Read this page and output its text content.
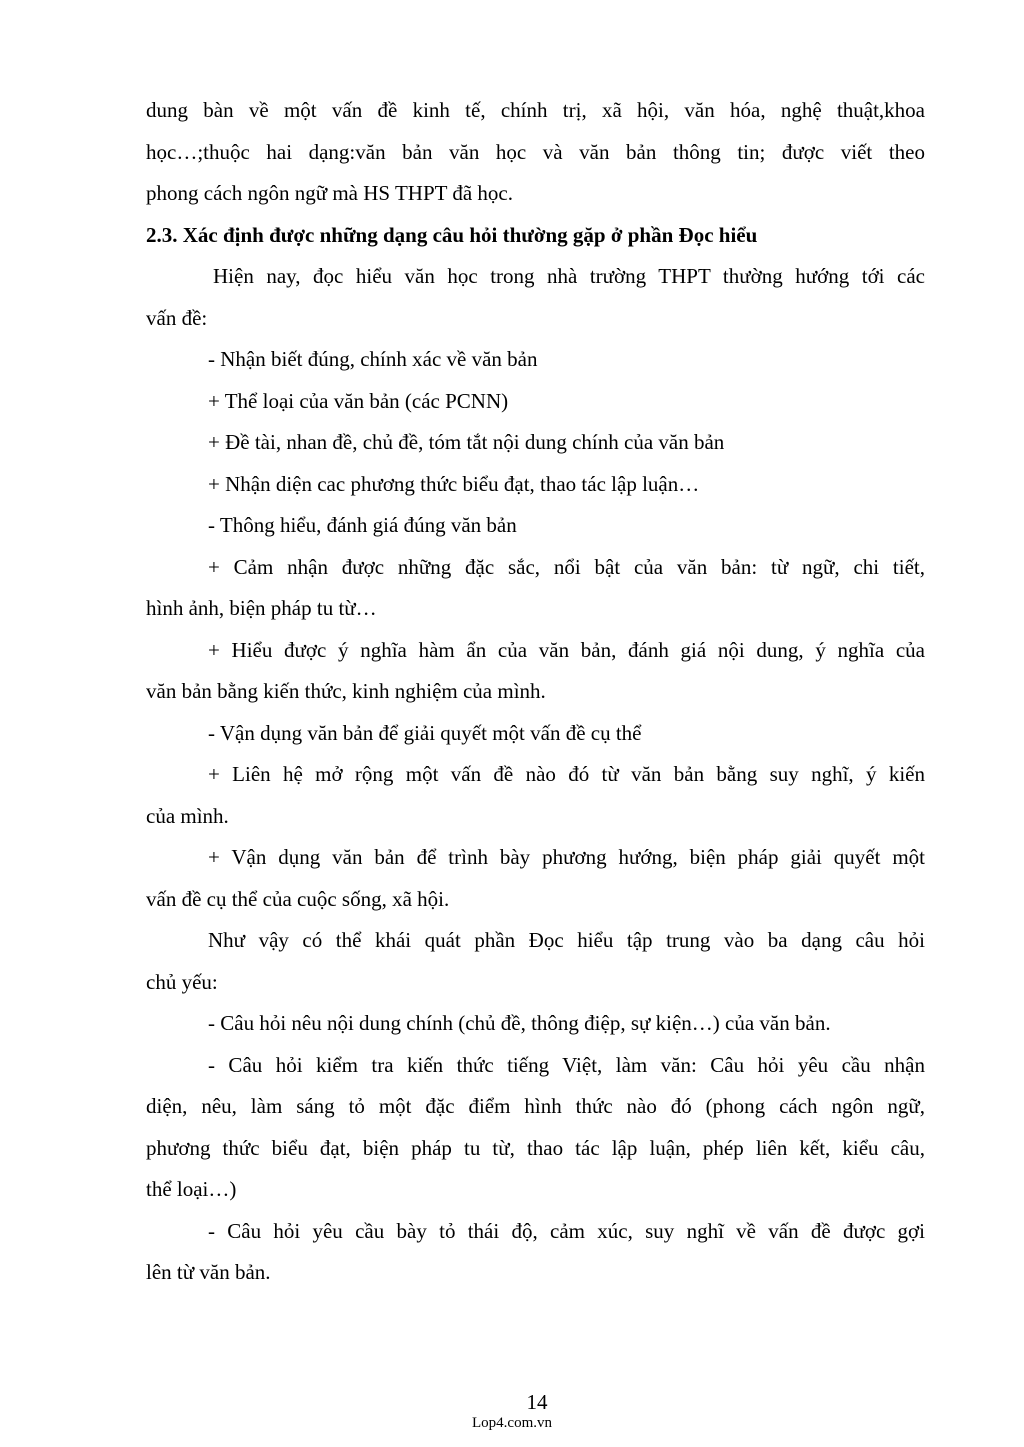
dung bàn về một vấn đề kinh tế, chính trị, xã hội, văn hóa, nghệ thuật,khoa
học…;thuộc hai dạng:văn bản văn học và văn bản thông tin; được viết theo
phong cách ngôn ngữ mà HS THPT đã học.
2.3. Xác định được những dạng câu hỏi thường gặp ở phần Đọc hiểu
Hiện nay, đọc hiểu văn học trong nhà trường THPT thường hướng tới các
vấn đề:
- Nhận biết đúng, chính xác về văn bản
+ Thể loại của văn bản (các PCNN)
+ Đề tài, nhan đề, chủ đề, tóm tắt nội dung chính của văn bản
+ Nhận diện cac phương thức biểu đạt, thao tác lập luận…
- Thông hiểu, đánh giá đúng văn bản
+ Cảm nhận được những đặc sắc, nổi bật của văn bản: từ ngữ, chi tiết,
hình ảnh, biện pháp tu từ…
+ Hiểu được ý nghĩa hàm ẩn của văn bản, đánh giá nội dung, ý nghĩa của
văn bản bằng kiến thức, kinh nghiệm của mình.
- Vận dụng văn bản để giải quyết một vấn đề cụ thể
+ Liên hệ mở rộng một vấn đề nào đó từ văn bản bằng suy nghĩ, ý kiến
của mình.
+ Vận dụng văn bản để trình bày phương hướng, biện pháp giải quyết một
vấn đề cụ thể của cuộc sống, xã hội.
Như vậy có thể khái quát phần Đọc hiểu tập trung vào ba dạng câu hỏi
chủ yếu:
- Câu hỏi nêu nội dung chính (chủ đề, thông điệp, sự kiện…) của văn bản.
- Câu hỏi kiểm tra kiến thức tiếng Việt, làm văn: Câu hỏi yêu cầu nhận
diện, nêu, làm sáng tỏ một đặc điểm hình thức nào đó (phong cách ngôn ngữ,
phương thức biểu đạt, biện pháp tu từ, thao tác lập luận, phép liên kết, kiểu câu,
thể loại…)
- Câu hỏi yêu cầu bày tỏ thái độ, cảm xúc, suy nghĩ về vấn đề được gợi
lên từ văn bản.
14
Lop4.com.vn
